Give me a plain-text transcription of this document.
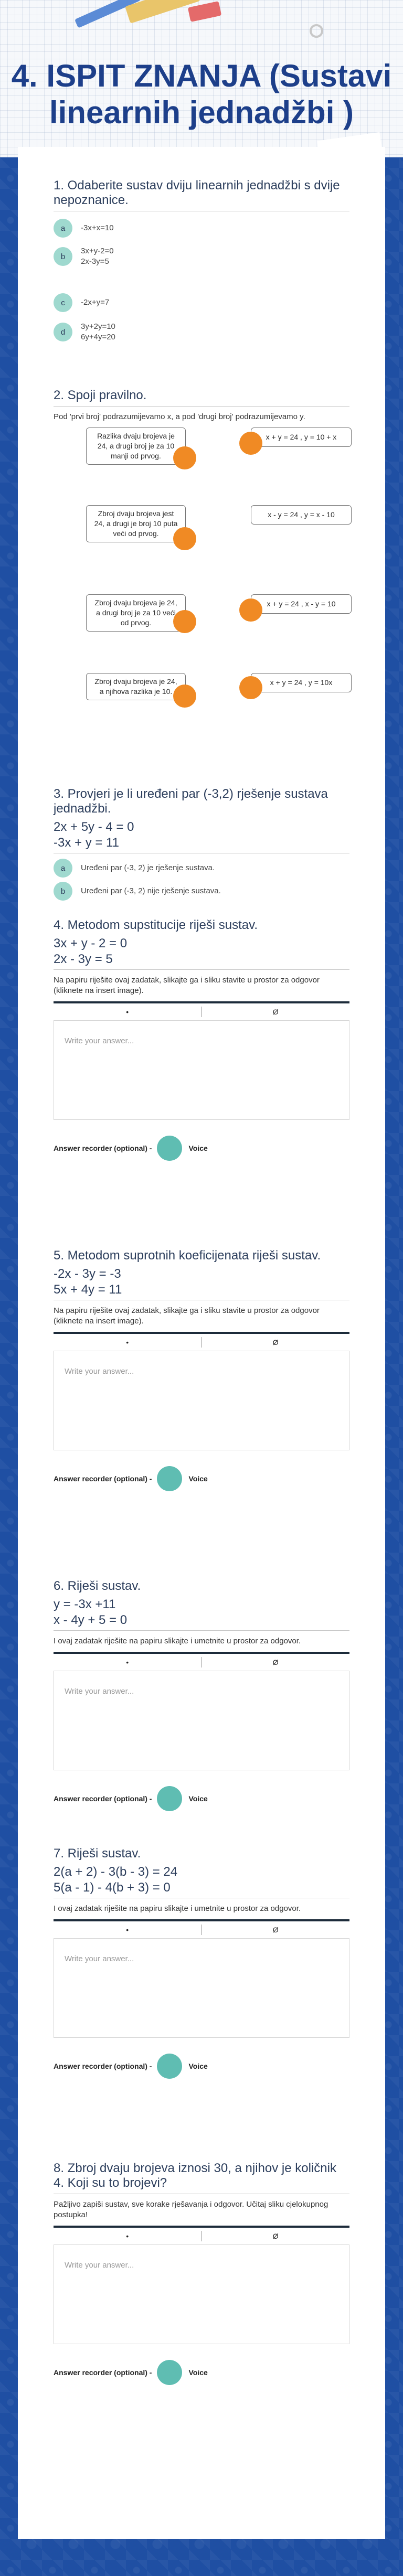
4. ISPIT ZNANJA (Sustavi linearnih jednadžbi )
1. Odaberite sustav dviju linearnih jednadžbi s dvije nepoznanice.
a	-3x+x=10
b
3x+y-2=0
2x-3y=5
c	-2x+y=7
d
3y+2y=10
6y+4y=20
2. Spoji pravilno.
Pod 'prvi broj' podrazumijevamo x, a pod 'drugi broj' podrazumijevamo y.
Razlika dvaju brojeva je 24, a drugi broj je za 10 manji od prvog.
Zbroj dvaju brojeva jest 24, a drugi je broj 10 puta veći od prvog.
Zbroj dvaju brojeva je 24, a drugi broj je za 10 veći od prvog.
Zbroj dvaju brojeva je 24, a njihova razlika je 10.
x + y = 24 , y = 10 + x
x - y = 24 , y = x - 10
x + y = 24 , x - y = 10
x + y = 24 , y = 10x
3. Provjeri je li uređeni par (-3,2) rješenje sustava jednadžbi.
2x + 5y - 4 = 0
-3x + y = 11
a	Uređeni par (-3, 2) je rješenje sustava.
b	Uređeni par (-3, 2) nije rješenje sustava.
4. Metodom supstitucije riješi sustav.
3x + y - 2 = 0
2x - 3y = 5
Na papiru riješite ovaj zadatak, slikajte ga i sliku stavite u prostor za odgovor (kliknete na insert image).
•	Ø
Write your answer...
Answer recorder (optional) -	Voice
5. Metodom suprotnih koeficijenata riješi sustav.
-2x - 3y = -3
5x + 4y = 11
Na papiru riješite ovaj zadatak, slikajte ga i sliku stavite u prostor za odgovor (kliknete na insert image).
•	Ø
Write your answer...
Answer recorder (optional) -	Voice
6. Riješi sustav.
y = -3x +11
x - 4y + 5 = 0
I ovaj zadatak riješite na papiru slikajte i umetnite u prostor za odgovor.
•	Ø
Write your answer...
Answer recorder (optional) -	Voice
7. Riješi sustav.
2(a + 2) - 3(b - 3) = 24
5(a - 1) - 4(b + 3) = 0
I ovaj zadatak riješite na papiru slikajte i umetnite u prostor za odgovor.
•	Ø
Write your answer...
Answer recorder (optional) -	Voice
8. Zbroj dvaju brojeva iznosi 30, a njihov je količnik 4. Koji su to brojevi?
Pažljivo zapiši sustav, sve korake rješavanja i odgovor. Učitaj sliku cjelokupnog postupka!
•	Ø
Write your answer...
Answer recorder (optional) -	Voice
